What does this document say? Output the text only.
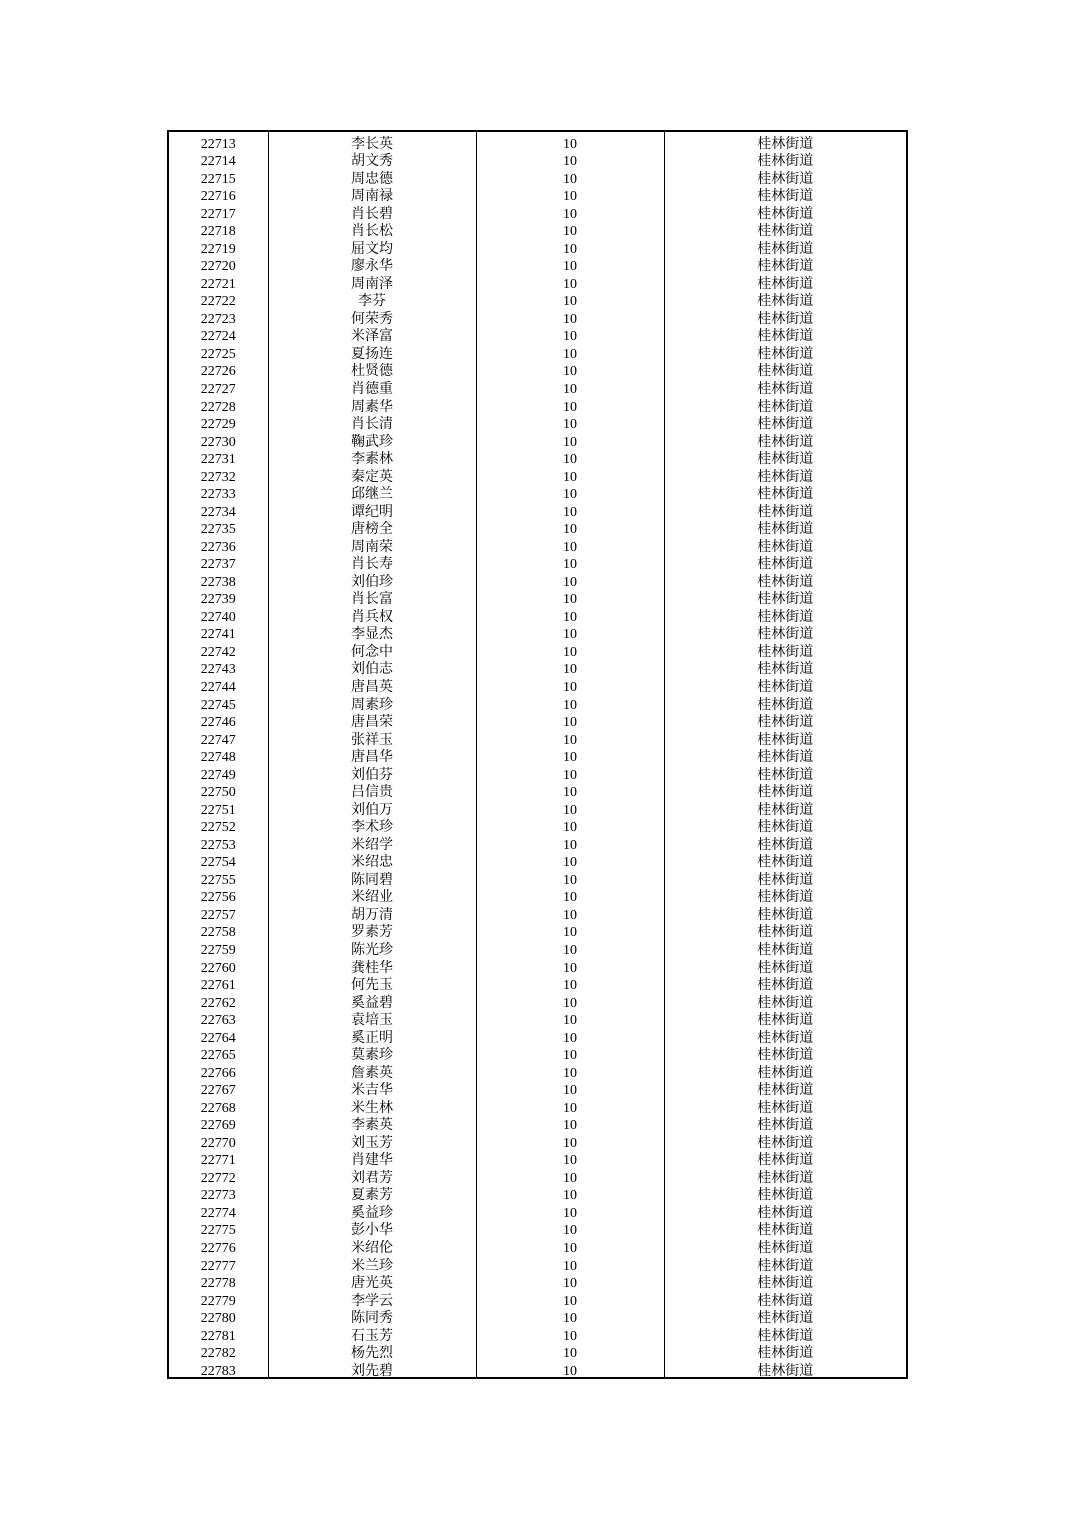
22713	李长英	10	桂林街道
22714	胡文秀	10	桂林街道
22715	周忠德	10	桂林街道
22716	周南禄	10	桂林街道
22717	肖长碧	10	桂林街道
22718	肖长松	10	桂林街道
22719	屈文均	10	桂林街道
22720	廖永华	10	桂林街道
22721	周南泽	10	桂林街道
22722	李芬	10	桂林街道
22723	何荣秀	10	桂林街道
22724	米泽富	10	桂林街道
22725	夏扬连	10	桂林街道
22726	杜贤德	10	桂林街道
22727	肖德重	10	桂林街道
22728	周素华	10	桂林街道
22729	肖长清	10	桂林街道
22730	鞠武珍	10	桂林街道
22731	李素林	10	桂林街道
22732	秦定英	10	桂林街道
22733	邱继兰	10	桂林街道
22734	谭纪明	10	桂林街道
22735	唐榜全	10	桂林街道
22736	周南荣	10	桂林街道
22737	肖长寿	10	桂林街道
22738	刘伯珍	10	桂林街道
22739	肖长富	10	桂林街道
22740	肖兵权	10	桂林街道
22741	李显杰	10	桂林街道
22742	何念中	10	桂林街道
22743	刘伯志	10	桂林街道
22744	唐昌英	10	桂林街道
22745	周素珍	10	桂林街道
22746	唐昌荣	10	桂林街道
22747	张祥玉	10	桂林街道
22748	唐昌华	10	桂林街道
22749	刘伯芬	10	桂林街道
22750	吕信贵	10	桂林街道
22751	刘伯万	10	桂林街道
22752	李术珍	10	桂林街道
22753	米绍学	10	桂林街道
22754	米绍忠	10	桂林街道
22755	陈同碧	10	桂林街道
22756	米绍业	10	桂林街道
22757	胡万清	10	桂林街道
22758	罗素芳	10	桂林街道
22759	陈光珍	10	桂林街道
22760	龚桂华	10	桂林街道
22761	何先玉	10	桂林街道
22762	奚益碧	10	桂林街道
22763	袁培玉	10	桂林街道
22764	奚正明	10	桂林街道
22765	莫素珍	10	桂林街道
22766	詹素英	10	桂林街道
22767	米吉华	10	桂林街道
22768	米生林	10	桂林街道
22769	李素英	10	桂林街道
22770	刘玉芳	10	桂林街道
22771	肖建华	10	桂林街道
22772	刘君芳	10	桂林街道
22773	夏素芳	10	桂林街道
22774	奚益珍	10	桂林街道
22775	彭小华	10	桂林街道
22776	米绍伦	10	桂林街道
22777	米兰珍	10	桂林街道
22778	唐光英	10	桂林街道
22779	李学云	10	桂林街道
22780	陈同秀	10	桂林街道
22781	石玉芳	10	桂林街道
22782	杨先烈	10	桂林街道
22783	刘先碧	10	桂林街道
